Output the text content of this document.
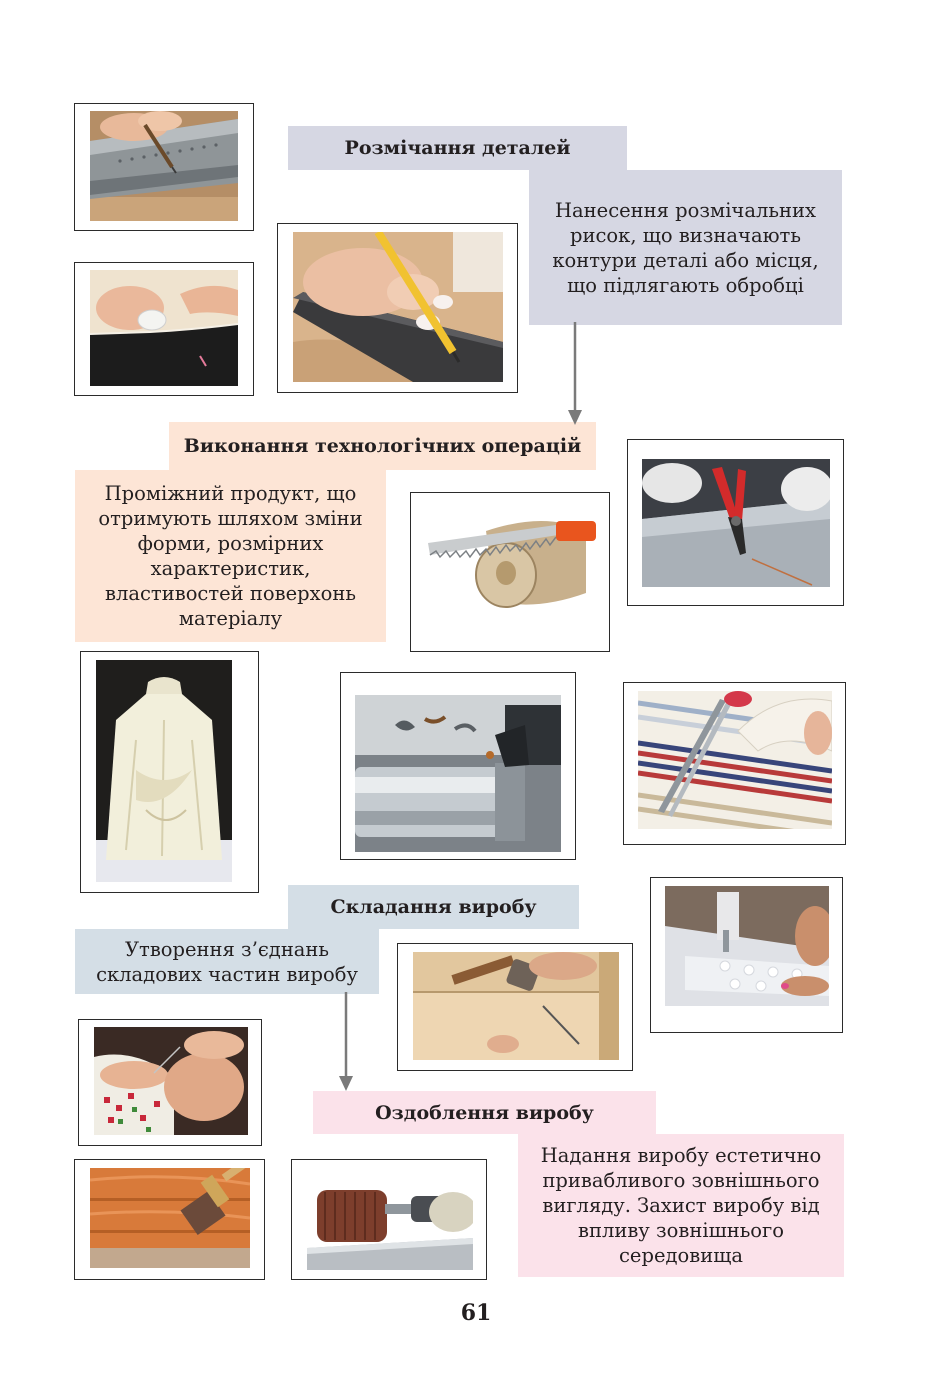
Розмічання деталей
Нанесення розмічальних рисок, що визначають контури деталі або місця, що підлягають обробці
Виконання технологічних операцій
Проміжний продукт, що отримують шляхом зміни форми, розмірних характеристик, властивостей поверхонь матеріалу
Складання виробу
Утворення з’єднань складових частин виробу
Оздоблення виробу
Надання виробу естетично привабливого зовнішнього вигляду. Захист виробу від впливу зовнішнього середовища
61
